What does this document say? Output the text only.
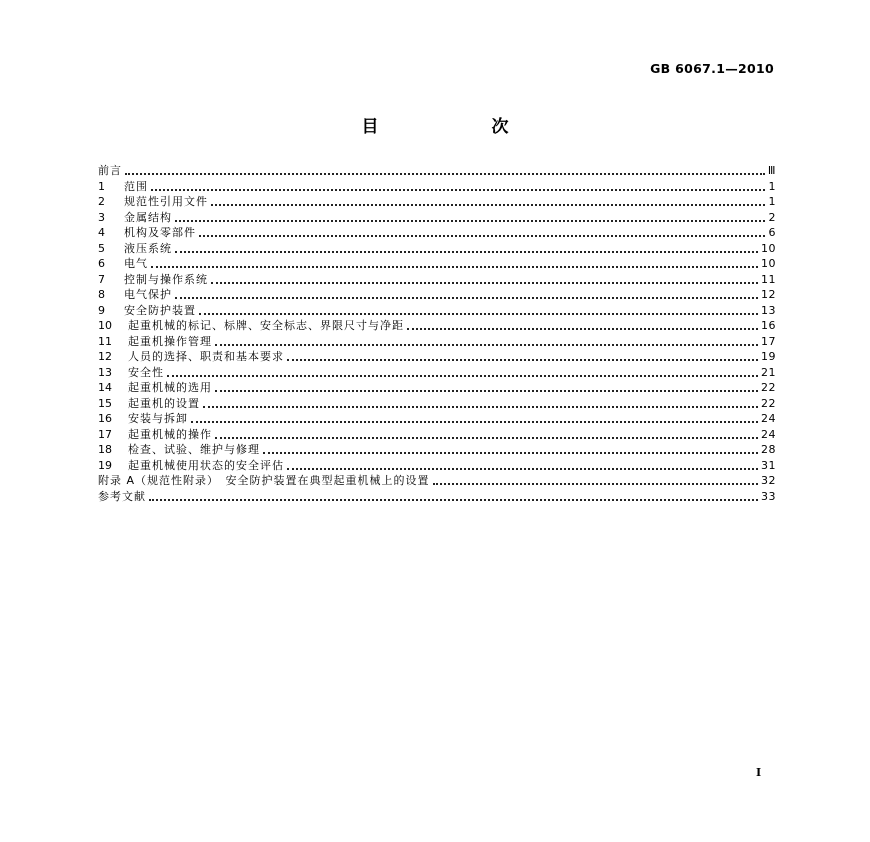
GB 6067.1—2010
目　次
前言	Ⅲ
1	范围	1
2	规范性引用文件	1
3	金属结构	2
4	机构及零部件	6
5	液压系统	10
6	电气	10
7	控制与操作系统	11
8	电气保护	12
9	安全防护装置	13
10	起重机械的标记、标牌、安全标志、界限尺寸与净距	16
11	起重机操作管理	17
12	人员的选择、职责和基本要求	19
13	安全性	21
14	起重机械的选用	22
15	起重机的设置	22
16	安装与拆卸	24
17	起重机械的操作	24
18	检查、试验、维护与修理	28
19	起重机械使用状态的安全评估	31
附录 A（规范性附录）　安全防护装置在典型起重机械上的设置	32
参考文献	33
I
